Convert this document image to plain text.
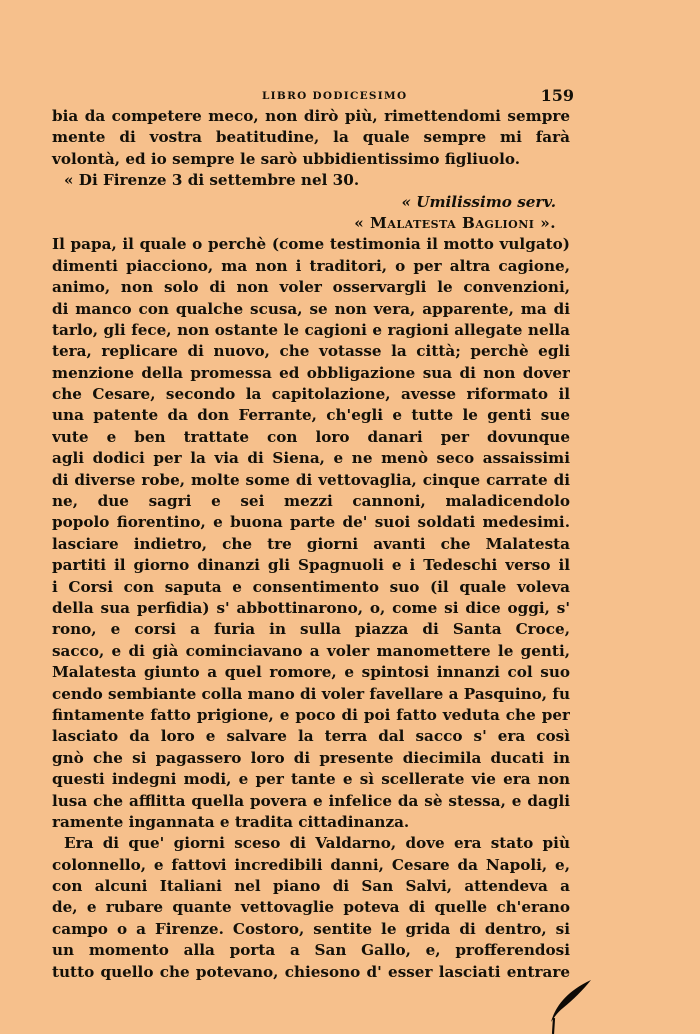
LIBRO DODICESIMO	159
bia da competere meco, non dirò più, rimettendomi sempre
mente di vostra beatitudine, la quale sempre mi farà
volontà, ed io sempre le sarò ubbidientissimo figliuolo.
« Di Firenze 3 di settembre nel 30.
« Umilissimo serv.
« Malatesta Baglioni ».
Il papa, il quale o perchè (come testimonia il motto vulgato)
dimenti piacciono, ma non i traditori, o per altra cagione,
animo, non solo di non voler osservargli le convenzioni,
di manco con qualche scusa, se non vera, apparente, ma di
tarlo, gli fece, non ostante le cagioni e ragioni allegate nella
tera, replicare di nuovo, che votasse la città; perchè egli
menzione della promessa ed obbligazione sua di non dover
che Cesare, secondo la capitolazione, avesse riformato il
una patente da don Ferrante, ch'egli e tutte le genti sue
vute e ben trattate con loro danari per dovunque
agli dodici per la via di Siena, e ne menò seco assaissimi
di diverse robe, molte some di vettovaglia, cinque carrate di
ne, due sagri e sei mezzi cannoni, maladicendolo
popolo fiorentino, e buona parte de' suoi soldati medesimi.
lasciare indietro, che tre giorni avanti che Malatesta
partiti il giorno dinanzi gli Spagnuoli e i Tedeschi verso il
i Corsi con saputa e consentimento suo (il quale voleva
della sua perfidia) s' abbottinarono, o, come si dice oggi, s'
rono, e corsi a furia in sulla piazza di Santa Croce,
sacco, e di già cominciavano a voler manomettere le genti,
Malatesta giunto a quel romore, e spintosi innanzi col suo
cendo sembiante colla mano di voler favellare a Pasquino, fu
fintamente fatto prigione, e poco di poi fatto veduta che per
lasciato da loro e salvare la terra dal sacco s' era così
gnò che si pagassero loro di presente diecimila ducati in
questi indegni modi, e per tante e sì scellerate vie era non
lusa che afflitta quella povera e infelice da sè stessa, e dagli
ramente ingannata e tradita cittadinanza.
Era di que' giorni sceso di Valdarno, dove era stato più
colonnello, e fattovi incredibili danni, Cesare da Napoli, e,
con alcuni Italiani nel piano di San Salvi, attendeva a
de, e rubare quante vettovaglie poteva di quelle ch'erano
campo o a Firenze. Costoro, sentite le grida di dentro, si
un momento alla porta a San Gallo, e, profferendosi
tutto quello che potevano, chiesono d' esser lasciati entrare
